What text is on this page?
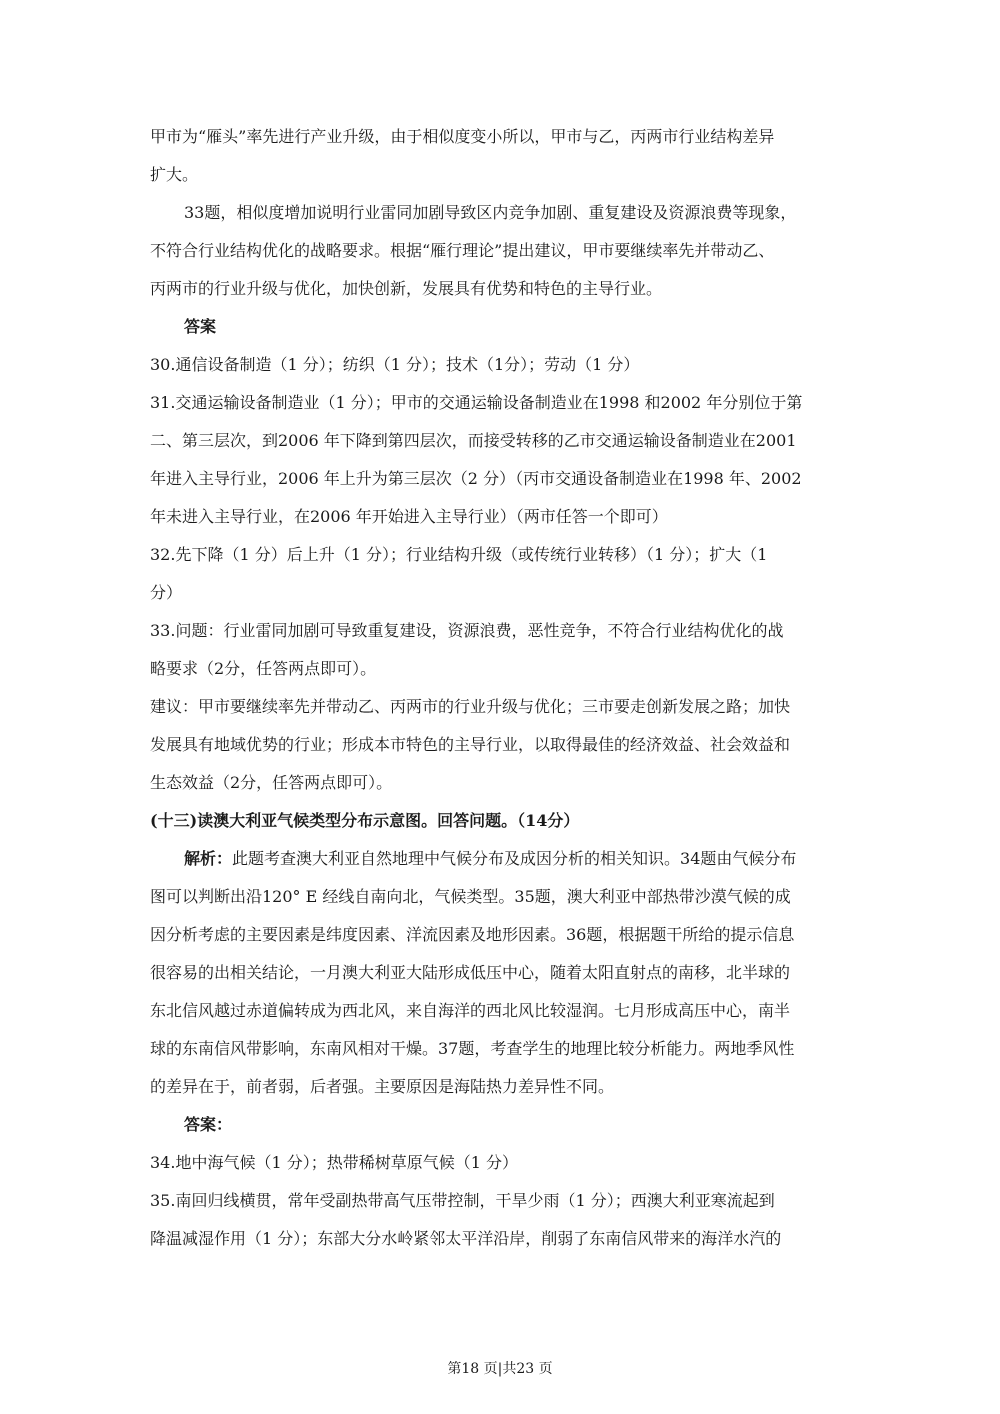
甲市为“雁头”率先进行产业升级，由于相似度变小所以，甲市与乙，丙两市行业结构差异
扩大。
33题，相似度增加说明行业雷同加剧导致区内竞争加剧、重复建设及资源浪费等现象，
不符合行业结构优化的战略要求。根据“雁行理论”提出建议，甲市要继续率先并带动乙、
丙两市的行业升级与优化，加快创新，发展具有优势和特色的主导行业。
答案
30.通信设备制造（1 分）；纺织（1 分）；技术（1分）；劳动（1 分）
31.交通运输设备制造业（1 分）；甲市的交通运输设备制造业在1998 和2002 年分别位于第
二、第三层次，到2006 年下降到第四层次，而接受转移的乙市交通运输设备制造业在2001
年进入主导行业，2006 年上升为第三层次（2 分）（丙市交通设备制造业在1998 年、2002
年未进入主导行业，在2006 年开始进入主导行业）（两市任答一个即可）
32.先下降（1 分）后上升（1 分）；行业结构升级（或传统行业转移）（1 分）；扩大（1
分）
33.问题：行业雷同加剧可导致重复建设，资源浪费，恶性竞争，不符合行业结构优化的战
略要求（2分，任答两点即可）。
建议：甲市要继续率先并带动乙、丙两市的行业升级与优化；三市要走创新发展之路；加快
发展具有地域优势的行业；形成本市特色的主导行业，以取得最佳的经济效益、社会效益和
生态效益（2分，任答两点即可）。
(十三)读澳大利亚气候类型分布示意图。回答问题。（14分）
解析：此题考查澳大利亚自然地理中气候分布及成因分析的相关知识。34题由气候分布
图可以判断出沿120° E 经线自南向北，气候类型。35题，澳大利亚中部热带沙漠气候的成
因分析考虑的主要因素是纬度因素、洋流因素及地形因素。36题，根据题干所给的提示信息
很容易的出相关结论，一月澳大利亚大陆形成低压中心，随着太阳直射点的南移，北半球的
东北信风越过赤道偏转成为西北风，来自海洋的西北风比较湿润。七月形成高压中心，南半
球的东南信风带影响，东南风相对干燥。37题，考查学生的地理比较分析能力。两地季风性
的差异在于，前者弱，后者强。主要原因是海陆热力差异性不同。
答案：
34.地中海气候（1 分）；热带稀树草原气候（1 分）
35.南回归线横贯，常年受副热带高气压带控制，干旱少雨（1 分）；西澳大利亚寒流起到
降温减湿作用（1 分）；东部大分水岭紧邻太平洋沿岸，削弱了东南信风带来的海洋水汽的
第18 页|共23 页
